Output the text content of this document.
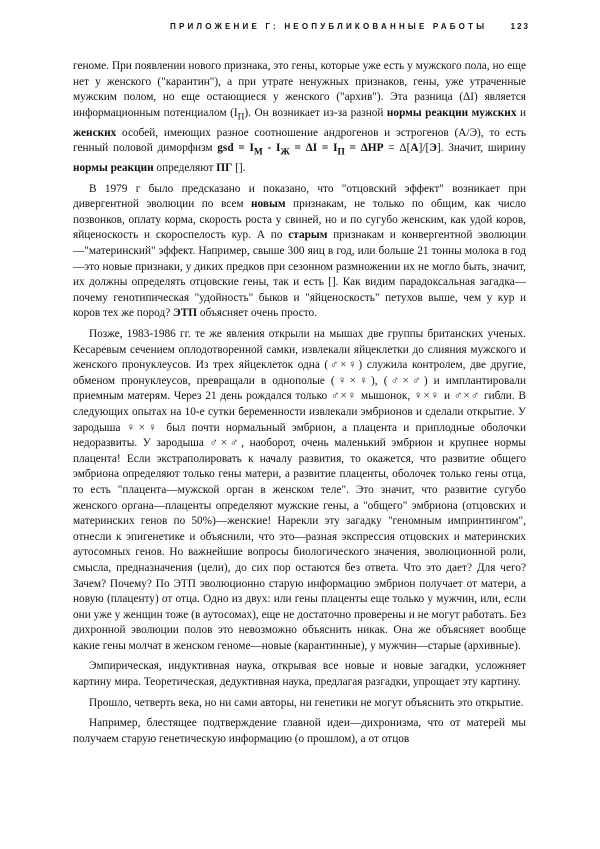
ПРИЛОЖЕНИЕ Г: НЕОПУБЛИКОВАННЫЕ РАБОТЫ	123

геноме. При появлении нового признака, это гены, которые уже есть у мужского пола, но еще нет у женского ("карантин"), а при утрате ненужных признаков, гены, уже утраченные мужским полом, но еще остающиеся у женского ("архив"). Эта разница (ΔI) является информационным потенциалом $(I_П)$. Он возникает из-за разной нормы реакции мужских и женских особей, имеющих разное соотношение андрогенов и эстрогенов (А/Э), то есть генный половой диморфизм gsd = $I_М - I_Ж = \Delta I = I_П = \Delta НР = \Delta[А]/[Э]$. Значит, ширину нормы реакции определяют ПГ [].

В 1979 г было предсказано и показано, что "отцовский эффект" возникает при дивергентной эволюции по всем новым признакам, не только по общим, как число позвонков, оплату корма, скорость роста у свиней, но и по сугубо женским, как удой коров, яйценоскость и скороспелость кур. А по старым признакам и конвергентной эволюции—"материнский" эффект. Например, свыше 300 яиц в год, или больше 21 тонны молока в год—это новые признаки, у диких предков при сезонном размножении их не могло быть, значит, их должны определять отцовские гены, так и есть []. Как видим парадоксальная загадка—почему генотипическая "удойность" быков и "яйценоскость" петухов выше, чем у кур и коров тех же пород? ЭТП объясняет очень просто.

Позже, 1983-1986 гг. те же явления открыли на мышах две группы британских ученых. Кесаревым сечением оплодотворенной самки, извлекали яйцеклетки до слияния мужского и женского пронуклеусов. Из трех яйцеклеток одна (♂×♀) служила контролем, две другие, обменом пронуклеусов, превращали в однополые (♀×♀), (♂×♂) и имплантировали приемным матерям. Через 21 день рождался только ♂×♀ мышонок, ♀×♀ и ♂×♂ гибли. В следующих опытах на 10-е сутки беременности извлекали эмбрионов и сделали открытие. У зародыша ♀×♀ был почти нормальный эмбрион, а плацента и приплодные оболочки недоразвиты. У зародыша ♂×♂, наоборот, очень маленький эмбрион и крупнее нормы плацента! Если экстраполировать к началу развития, то окажется, что развитие общего эмбриона определяют только гены матери, а развитие плаценты, оболочек только гены отца, то есть "плацента—мужской орган в женском теле". Это значит, что развитие сугубо женского органа—плаценты определяют мужские гены, а "общего" эмбриона (отцовских и материнских генов по 50%)—женские! Нарекли эту загадку "геномным импринтингом", отнесли к эпигенетике и объяснили, что это—разная экспрессия отцовских и материнских аутосомных генов. Но важнейшие вопросы биологического значения, эволюционной роли, смысла, предназначения (цели), до сих пор остаются без ответа. Что это дает? Для чего? Зачем? Почему? По ЭТП эволюционно старую информацию эмбрион получает от матери, а новую (плаценту) от отца. Одно из двух: или гены плаценты еще только у мужчин, или, если они уже у женщин тоже (в аутосомах), еще не достаточно проверены и не могут работать. Без дихронной эволюции полов это невозможно объяснить никак. Она же объясняет вообще какие гены молчат в женском геноме—новые (карантинные), у мужчин—старые (архивные).

Эмпирическая, индуктивная наука, открывая все новые и новые загадки, усложняет картину мира. Теоретическая, дедуктивная наука, предлагая разгадки, упрощает эту картину.

Прошло, четверть века, но ни сами авторы, ни генетики не могут объяснить это открытие.

Например, блестящее подтверждение главной идеи—дихронизма, что от матерей мы получаем старую генетическую информацию (о прошлом), а от отцов
